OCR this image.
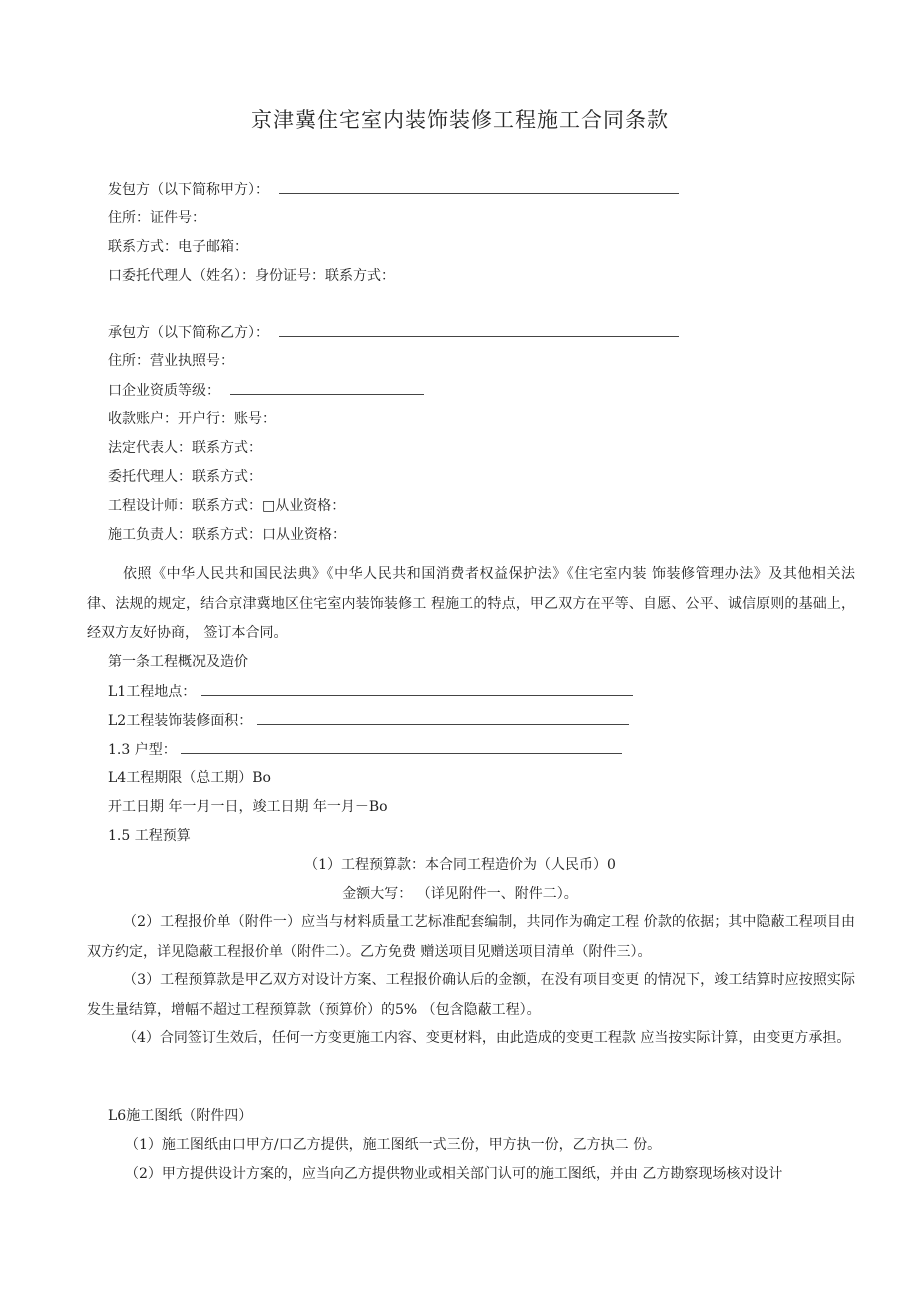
京津冀住宅室内装饰装修工程施工合同条款
发包方（以下简称甲方）：
住所：证件号：
联系方式：电子邮箱：
口委托代理人（姓名）：身份证号：联系方式：
承包方（以下简称乙方）：
住所：营业执照号：
口企业资质等级：
收款账户：开户行：账号：
法定代表人：联系方式：
委托代理人：联系方式：
工程设计师：联系方式：□从业资格：
施工负责人：联系方式：口从业资格：
依照《中华人民共和国民法典》《中华人民共和国消费者权益保护法》《住宅室内装 饰装修管理办法》及其他相关法律、法规的规定，结合京津冀地区住宅室内装饰装修工 程施工的特点，甲乙双方在平等、自愿、公平、诚信原则的基础上，经双方友好协商， 签订本合同。
第一条工程概况及造价
L1工程地点：
L2工程装饰装修面积：
1.3 户型：
L4工程期限（总工期）Bo
开工日期 年一月一日，竣工日期 年一月－Bo
1.5 工程预算
（1）工程预算款：本合同工程造价为（人民币）0
金额大写： （详见附件一、附件二）。
（2）工程报价单（附件一）应当与材料质量工艺标准配套编制，共同作为确定工程 价款的依据；其中隐蔽工程项目由双方约定，详见隐蔽工程报价单（附件二）。乙方免费 赠送项目见赠送项目清单（附件三）。
（3）工程预算款是甲乙双方对设计方案、工程报价确认后的金额，在没有项目变更 的情况下，竣工结算时应按照实际发生量结算，增幅不超过工程预算款（预算价）的5% （包含隐蔽工程）。
（4）合同签订生效后，任何一方变更施工内容、变更材料，由此造成的变更工程款 应当按实际计算，由变更方承担。
L6施工图纸（附件四）
（1）施工图纸由口甲方/口乙方提供，施工图纸一式三份，甲方执一份，乙方执二 份。
（2）甲方提供设计方案的，应当向乙方提供物业或相关部门认可的施工图纸，并由 乙方勘察现场核对设计
